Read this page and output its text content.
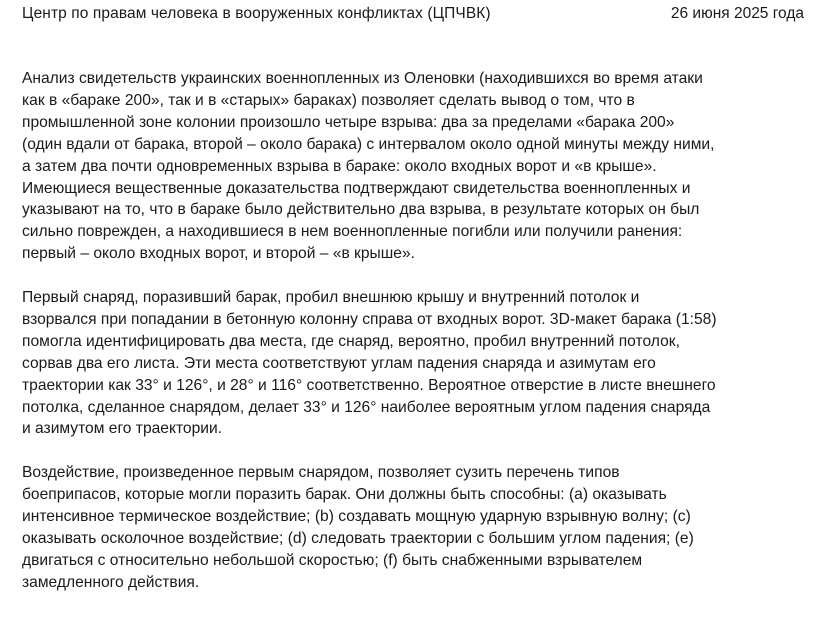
Центр по правам человека в вооруженных конфликтах (ЦПЧВК)	26 июня 2025 года

Анализ свидетельств украинских военнопленных из Оленовки (находившихся во время атаки
как в «бараке 200», так и в «старых» бараках) позволяет сделать вывод о том, что в
промышленной зоне колонии произошло четыре взрыва: два за пределами «барака 200»
(один вдали от барака, второй – около барака) с интервалом около одной минуты между ними,
а затем два почти одновременных взрыва в бараке: около входных ворот и «в крыше».
Имеющиеся вещественные доказательства подтверждают свидетельства военнопленных и
указывают на то, что в бараке было действительно два взрыва, в результате которых он был
сильно поврежден, а находившиеся в нем военнопленные погибли или получили ранения:
первый – около входных ворот, и второй – «в крыше».

Первый снаряд, поразивший барак, пробил внешнюю крышу и внутренний потолок и
взорвался при попадании в бетонную колонну справа от входных ворот. 3D-макет барака (1:58)
помогла идентифицировать два места, где снаряд, вероятно, пробил внутренний потолок,
сорвав два его листа. Эти места соответствуют углам падения снаряда и азимутам его
траектории как 33° и 126°, и 28° и 116° соответственно. Вероятное отверстие в листе внешнего
потолка, сделанное снарядом, делает 33° и 126° наиболее вероятным углом падения снаряда
и азимутом его траектории.

Воздействие, произведенное первым снарядом, позволяет сузить перечень типов
боеприпасов, которые могли поразить барак. Они должны быть способны: (a) оказывать
интенсивное термическое воздействие; (b) создавать мощную ударную взрывную волну; (c)
оказывать осколочное воздействие; (d) следовать траектории с большим углом падения; (e)
двигаться с относительно небольшой скоростью; (f) быть снабженными взрывателем
замедленного действия.
